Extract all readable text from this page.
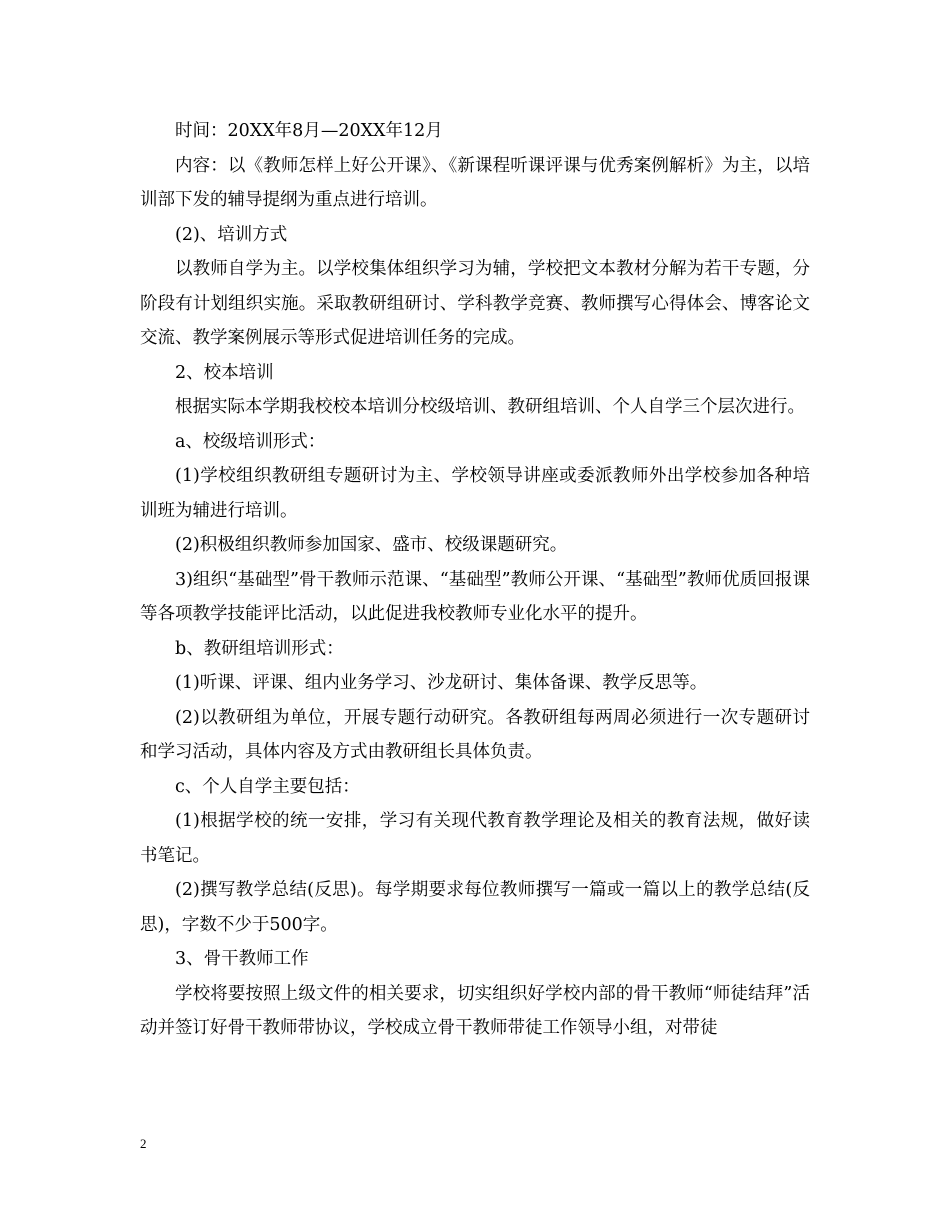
时间：20XX年8月—20XX年12月

内容：以《教师怎样上好公开课》、《新课程听课评课与优秀案例解析》为主，以培训部下发的辅导提纲为重点进行培训。

(2)、培训方式

以教师自学为主。以学校集体组织学习为辅，学校把文本教材分解为若干专题，分阶段有计划组织实施。采取教研组研讨、学科教学竞赛、教师撰写心得体会、博客论文交流、教学案例展示等形式促进培训任务的完成。

2、校本培训

根据实际本学期我校校本培训分校级培训、教研组培训、个人自学三个层次进行。

a、校级培训形式：

(1)学校组织教研组专题研讨为主、学校领导讲座或委派教师外出学校参加各种培训班为辅进行培训。

(2)积极组织教师参加国家、盛市、校级课题研究。

3)组织“基础型”骨干教师示范课、“基础型”教师公开课、“基础型”教师优质回报课等各项教学技能评比活动，以此促进我校教师专业化水平的提升。

b、教研组培训形式：

(1)听课、评课、组内业务学习、沙龙研讨、集体备课、教学反思等。

(2)以教研组为单位，开展专题行动研究。各教研组每两周必须进行一次专题研讨和学习活动，具体内容及方式由教研组长具体负责。

c、个人自学主要包括：

(1)根据学校的统一安排，学习有关现代教育教学理论及相关的教育法规，做好读书笔记。

(2)撰写教学总结(反思)。每学期要求每位教师撰写一篇或一篇以上的教学总结(反思)，字数不少于500字。

3、骨干教师工作

学校将要按照上级文件的相关要求，切实组织好学校内部的骨干教师“师徒结拜”活动并签订好骨干教师带协议，学校成立骨干教师带徒工作领导小组，对带徒

2
